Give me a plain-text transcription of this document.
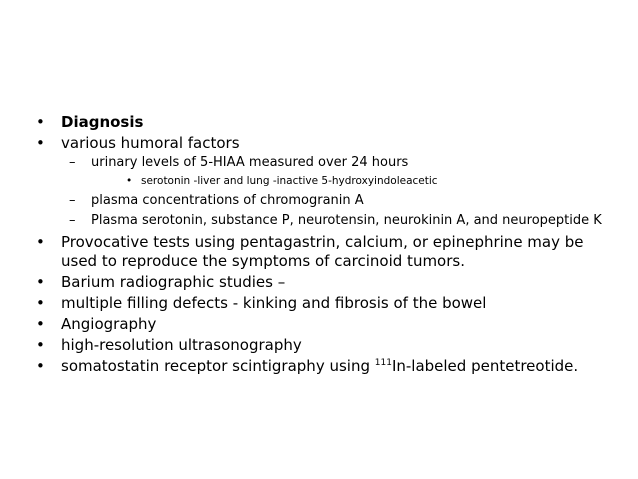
• Diagnosis
• various humoral factors
– urinary levels of 5-HIAA measured over 24 hours
• serotonin -liver and lung -inactive 5-hydroxyindoleacetic
– plasma concentrations of chromogranin A
– Plasma serotonin, substance P, neurotensin, neurokinin A, and neuropeptide K
• Provocative tests using pentagastrin, calcium, or epinephrine may be used to reproduce the symptoms of carcinoid tumors.
• Barium radiographic studies –
• multiple filling defects - kinking and fibrosis of the bowel
• Angiography
• high-resolution ultrasonography
• somatostatin receptor scintigraphy using $^{111}$In-labeled pentetreotide.
